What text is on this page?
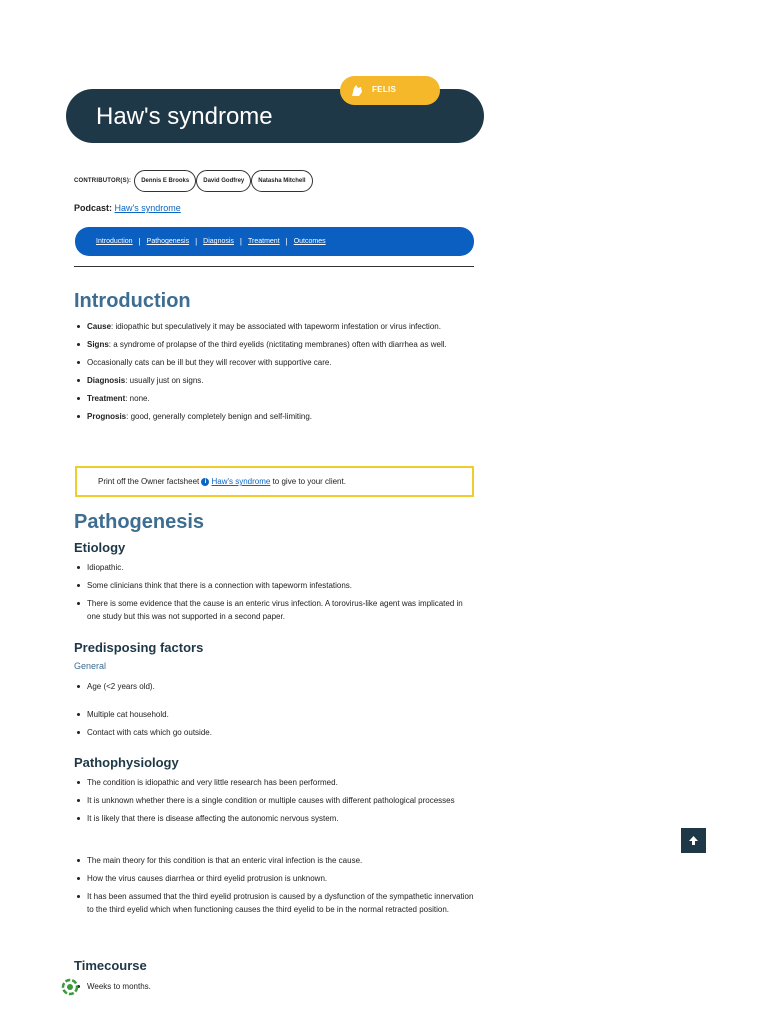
Haw's syndrome
FELIS
CONTRIBUTOR(S):	Dennis E Brooks	David Godfrey	Natasha Mitchell
Podcast: Haw's syndrome
Introduction | Pathogenesis | Diagnosis | Treatment | Outcomes
Introduction
Cause: idiopathic but speculatively it may be associated with tapeworm infestation or virus infection.
Signs: a syndrome of prolapse of the third eyelids (nictitating membranes) often with diarrhea as well.
Occasionally cats can be ill but they will recover with supportive care.
Diagnosis: usually just on signs.
Treatment: none.
Prognosis: good, generally completely benign and self-limiting.
Print off the Owner factsheet i Haw's syndrome to give to your client.
Pathogenesis
Etiology
Idiopathic.
Some clinicians think that there is a connection with tapeworm infestations.
There is some evidence that the cause is an enteric virus infection. A torovirus-like agent was implicated in one study but this was not supported in a second paper.
Predisposing factors
General
Age (<2 years old).
Multiple cat household.
Contact with cats which go outside.
Pathophysiology
The condition is idiopathic and very little research has been performed.
It is unknown whether there is a single condition or multiple causes with different pathological processes
It is likely that there is disease affecting the autonomic nervous system.
The main theory for this condition is that an enteric viral infection is the cause.
How the virus causes diarrhea or third eyelid protrusion is unknown.
It has been assumed that the third eyelid protrusion is caused by a dysfunction of the sympathetic innervation to the third eyelid which when functioning causes the third eyelid to be in the normal retracted position.
Timecourse
Weeks to months.
